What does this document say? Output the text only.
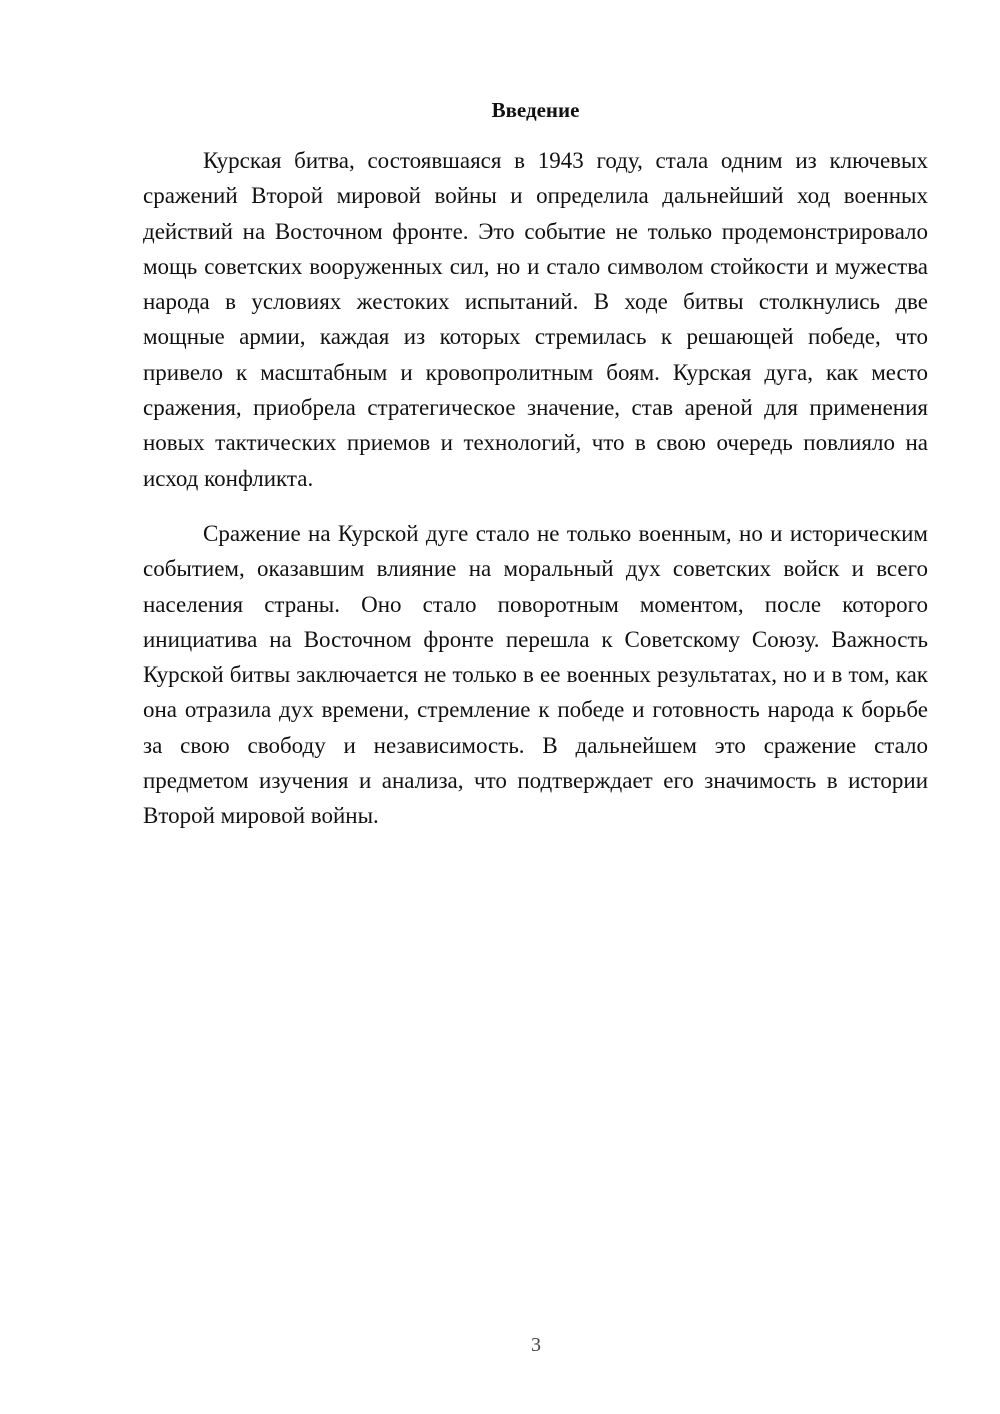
Введение

Курская битва, состоявшаяся в 1943 году, стала одним из ключевых сражений Второй мировой войны и определила дальнейший ход военных действий на Восточном фронте. Это событие не только продемонстрировало мощь советских вооруженных сил, но и стало символом стойкости и мужества народа в условиях жестоких испытаний. В ходе битвы столкнулись две мощные армии, каждая из которых стремилась к решающей победе, что привело к масштабным и кровопролитным боям. Курская дуга, как место сражения, приобрела стратегическое значение, став ареной для применения новых тактических приемов и технологий, что в свою очередь повлияло на исход конфликта.

Сражение на Курской дуге стало не только военным, но и историческим событием, оказавшим влияние на моральный дух советских войск и всего населения страны. Оно стало поворотным моментом, после которого инициатива на Восточном фронте перешла к Советскому Союзу. Важность Курской битвы заключается не только в ее военных результатах, но и в том, как она отразила дух времени, стремление к победе и готовность народа к борьбе за свою свободу и независимость. В дальнейшем это сражение стало предметом изучения и анализа, что подтверждает его значимость в истории Второй мировой войны.

3
